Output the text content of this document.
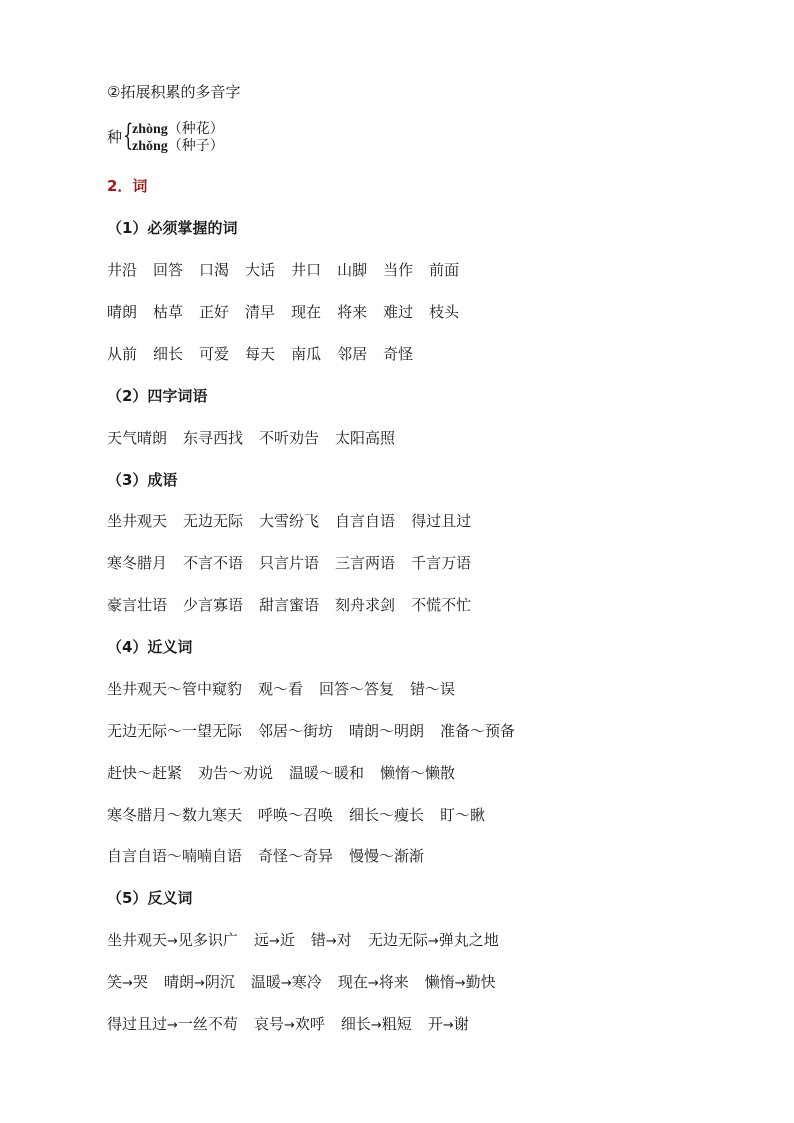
②拓展积累的多音字
种 {
zhòng（种花）
zhǒng（种子）
2．词
（1）必须掌握的词
井沿 回答 口渴 大话 井口 山脚 当作 前面
晴朗 枯草 正好 清早 现在 将来 难过 枝头
从前 细长 可爱 每天 南瓜 邻居 奇怪
（2）四字词语
天气晴朗 东寻西找 不听劝告 太阳高照
（3）成语
坐井观天 无边无际 大雪纷飞 自言自语 得过且过
寒冬腊月 不言不语 只言片语 三言两语 千言万语
豪言壮语 少言寡语 甜言蜜语 刻舟求剑 不慌不忙
（4）近义词
坐井观天～管中窥豹 观～看 回答～答复 错～误
无边无际～一望无际 邻居～街坊 晴朗～明朗 准备～预备
赶快～赶紧 劝告～劝说 温暖～暖和 懒惰～懒散
寒冬腊月～数九寒天 呼唤～召唤 细长～瘦长 盯～瞅
自言自语～喃喃自语 奇怪～奇异 慢慢～渐渐
（5）反义词
坐井观天→见多识广 远→近 错→对 无边无际→弹丸之地
笑→哭 晴朗→阴沉 温暖→寒冷 现在→将来 懒惰→勤快
得过且过→一丝不苟 哀号→欢呼 细长→粗短 开→谢
